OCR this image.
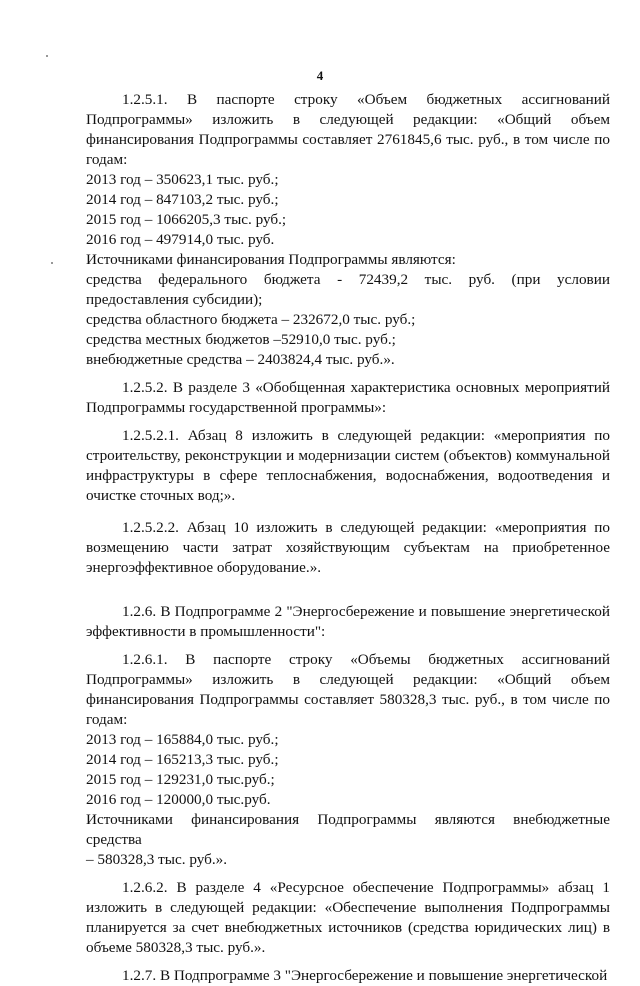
4

1.2.5.1. В паспорте строку «Объем бюджетных ассигнований
Подпрограммы» изложить в следующей редакции: «Общий объем
финансирования Подпрограммы составляет 2761845,6 тыс. руб., в том числе по
годам:

2013 год – 350623,1 тыс. руб.;

2014 год – 847103,2 тыс. руб.;

2015 год – 1066205,3 тыс. руб.;

2016 год – 497914,0 тыс. руб.

Источниками финансирования Подпрограммы являются:

средства федерального бюджета - 72439,2 тыс. руб. (при условии
предоставления субсидии);

средства областного бюджета – 232672,0 тыс. руб.;

средства местных бюджетов –52910,0 тыс. руб.;

внебюджетные средства – 2403824,4 тыс. руб.».

1.2.5.2. В разделе 3 «Обобщенная характеристика основных мероприятий
Подпрограммы государственной программы»:

1.2.5.2.1. Абзац 8 изложить в следующей редакции: «мероприятия по
строительству, реконструкции и модернизации систем (объектов) коммунальной
инфраструктуры в сфере теплоснабжения, водоснабжения, водоотведения и
очистке сточных вод;».

1.2.5.2.2. Абзац 10 изложить в следующей редакции: «мероприятия по
возмещению части затрат хозяйствующим субъектам на приобретенное
энергоэффективное оборудование.».

1.2.6. В Подпрограмме 2 "Энергосбережение и повышение энергетической
эффективности в промышленности":

1.2.6.1. В паспорте строку «Объемы бюджетных ассигнований
Подпрограммы» изложить в следующей редакции: «Общий объем
финансирования Подпрограммы составляет 580328,3 тыс. руб., в том числе по
годам:

2013 год – 165884,0 тыс. руб.;

2014 год – 165213,3 тыс. руб.;

2015 год – 129231,0 тыс.руб.;

2016 год – 120000,0 тыс.руб.

Источниками финансирования Подпрограммы являются внебюджетные средства
– 580328,3 тыс. руб.».

1.2.6.2. В разделе 4 «Ресурсное обеспечение Подпрограммы» абзац 1
изложить в следующей редакции: «Обеспечение выполнения Подпрограммы
планируется за счет внебюджетных источников (средства юридических лиц) в
объеме 580328,3 тыс. руб.».

1.2.7. В Подпрограмме 3 "Энергосбережение и повышение энергетической
